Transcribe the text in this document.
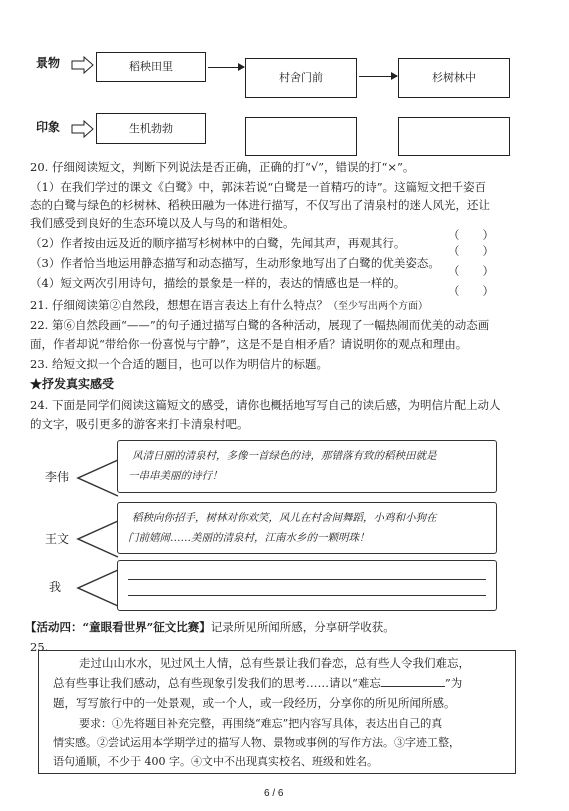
景物
印象
稻秧田里
生机勃勃
村舍门前	杉树林中
20. 仔细阅读短文，判断下列说法是否正确，正确的打“√”，错误的打“×”。
（1）在我们学过的课文《白鹭》中，郭沫若说“白鹭是一首精巧的诗”。这篇短文把千姿百
态的白鹭与绿色的杉树林、稻秧田融为一体进行描写，不仅写出了清泉村的迷人风光，还让
我们感受到良好的生态环境以及人与鸟的和谐相处。
（　　）
（2）作者按由远及近的顺序描写杉树林中的白鹭，先闻其声，再观其行。
（　　）
（3）作者恰当地运用静态描写和动态描写，生动形象地写出了白鹭的优美姿态。
（　　）
（4）短文两次引用诗句，描绘的景象是一样的，表达的情感也是一样的。
（　　）
21. 仔细阅读第②自然段，想想在语言表达上有什么特点？（至少写出两个方面）
22. 第⑥自然段画“——”的句子通过描写白鹭的各种活动，展现了一幅热闹而优美的动态画
面，作者却说“带给你一份喜悦与宁静”，这是不是自相矛盾？请说明你的观点和理由。
23. 给短文拟一个合适的题目，也可以作为明信片的标题。
★抒发真实感受
24. 下面是同学们阅读这篇短文的感受，请你也概括地写写自己的读后感，为明信片配上动人
的文字，吸引更多的游客来打卡清泉村吧。
李伟
风清日丽的清泉村，多像一首绿色的诗，那错落有致的稻秧田就是
一串串美丽的诗行！
王文
稻秧向你招手，树林对你欢笑，风儿在村舍间舞蹈，小鸡和小狗在
门前嬉闹……美丽的清泉村，江南水乡的一颗明珠！
我
【活动四：“童眼看世界”征文比赛】记录所见所闻所感，分享研学收获。
25.
走过山山水水，见过风土人情，总有些景让我们眷恋，总有些人令我们难忘，
总有些事让我们感动，总有些现象引发我们的思考……请以“难忘	”为
题，写写旅行中的一处景观，或一个人，或一段经历，分享你的所见所闻所感。
要求：①先将题目补充完整，再围绕“难忘”把内容写具体，表达出自己的真
情实感。②尝试运用本学期学过的描写人物、景物或事例的写作方法。③字迹工整，
语句通顺，不少于 400 字。④文中不出现真实校名、班级和姓名。
6 / 6
